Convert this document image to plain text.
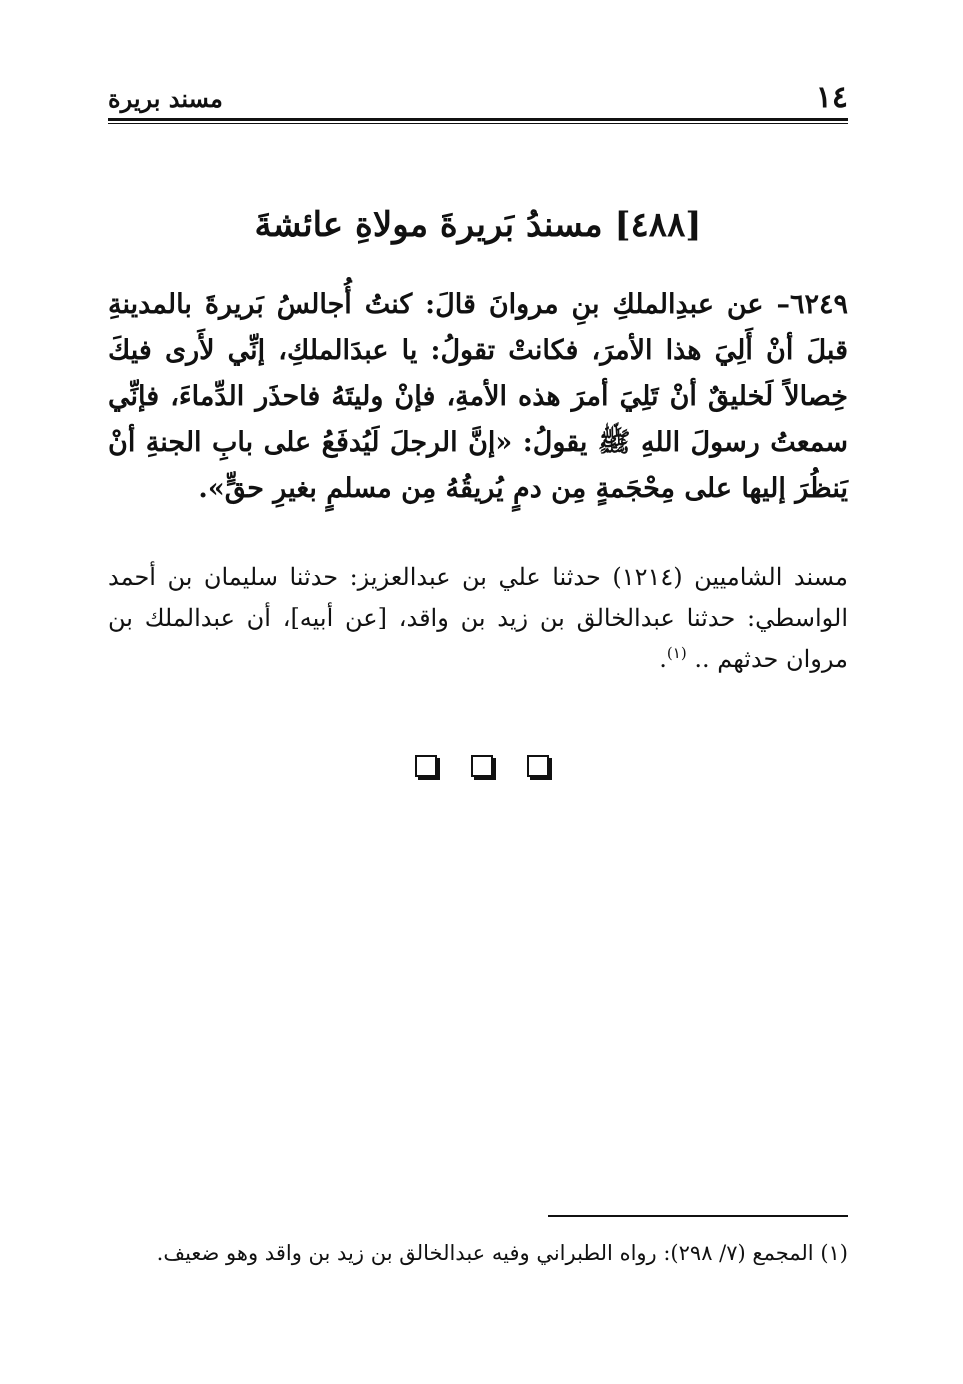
١٤
مسند بريرة
[٤٨٨] مسندُ بَريرةَ مولاةِ عائشةَ

٦٢٤٩– عن عبدِالملكِ بنِ مروانَ قالَ: كنتُ أُجالسُ بَريرةَ بالمدينةِ قبلَ أنْ أَلِيَ هذا الأمرَ، فكانتْ تقولُ: يا عبدَالملكِ، إنِّي لأَرى فيكَ خِصالاً لَخليقٌ أنْ تَلِيَ أمرَ هذه الأمةِ، فإنْ وليتَهُ فاحذَر الدِّماءَ، فإنِّي سمعتُ رسولَ اللهِ ﷺ يقولُ: «إنَّ الرجلَ لَيُدفَعُ على بابِ الجنةِ أنْ يَنظُرَ إليها على مِحْجَمةٍ مِن دمٍ يُريقُهُ مِن مسلمٍ بغيرِ حقٍّ».

مسند الشاميين (١٢١٤) حدثنا علي بن عبدالعزيز: حدثنا سليمان بن أحمد الواسطي: حدثنا عبدالخالق بن زيد بن واقد، [عن أبيه]، أن عبدالملك بن مروان حدثهم .. $^{(١)}$.

(١) المجمع (٧/ ٢٩٨): رواه الطبراني وفيه عبدالخالق بن زيد بن واقد وهو ضعيف.
